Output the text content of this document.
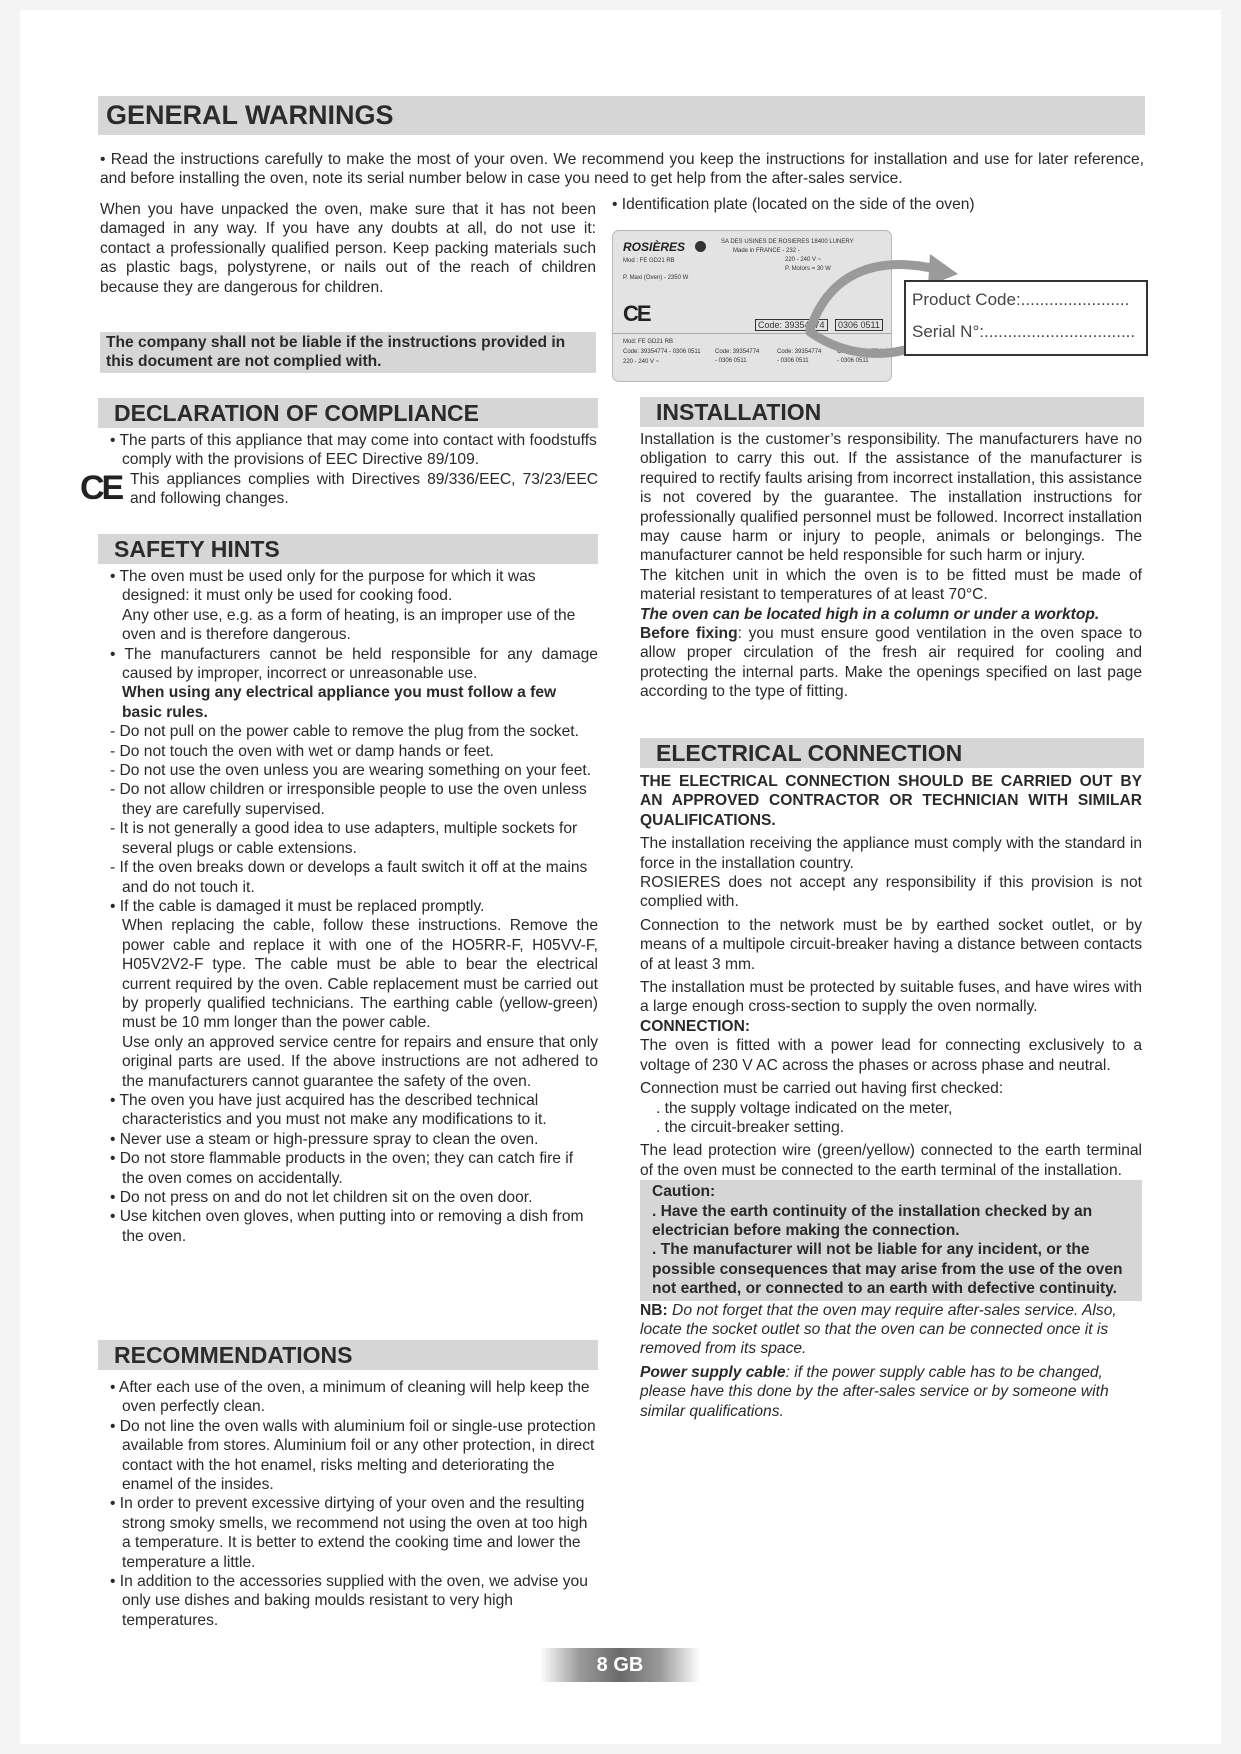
GENERAL WARNINGS
• Read the instructions carefully to make the most of your oven. We recommend you keep the instructions for installation and use for later reference, and before installing the oven, note its serial number below in case you need to get help from the after-sales service.
When you have unpacked the oven, make sure that it has not been damaged in any way. If you have any doubts at all, do not use it: contact a professionally qualified person. Keep packing materials such as plastic bags, polystyrene, or nails out of the reach of children because they are dangerous for children.
The company shall not be liable if the instructions provided in this document are not complied with.
• Identification plate (located on the side of the oven)
ROSIÈRES	SA DES USINES DE ROSIERES 18400 LUNERY
Made in FRANCE - 232 -
Mod : FE GD21 RB	220 - 240 V ~
P. Motors = 30 W
P. Maxi (Oven) - 2350 W
CE	Code: 39354774	0306 0511
Mod: FE GD21 RB
Code: 39354774 - 0306 0511
220 - 240 V ~
Code: 39354774
- 0306 0511
Code: 39354774
- 0306 0511
Code: 39354774
- 0306 0511
Product Code:.......................
Serial N°:................................
DECLARATION OF COMPLIANCE

• The parts of this appliance that may come into contact with foodstuffs comply with the provisions of EEC Directive 89/109.

This appliances complies with Directives 89/336/EEC, 73/23/EEC and following changes.

CE
SAFETY HINTS

• The oven must be used only for the purpose for which it was designed: it must only be used for cooking food.

Any other use, e.g. as a form of heating, is an improper use of the oven and is therefore dangerous.

• The manufacturers cannot be held responsible for any damage caused by improper, incorrect or unreasonable use.

When using any electrical appliance you must follow a few basic rules.

- Do not pull on the power cable to remove the plug from the socket.

- Do not touch the oven with wet or damp hands or feet.

- Do not use the oven unless you are wearing something on your feet.

- Do not allow children or irresponsible people to use the oven unless they are carefully supervised.

- It is not generally a good idea to use adapters, multiple sockets for several plugs or cable extensions.

- If the oven breaks down or develops a fault switch it off at the mains and do not touch it.

• If the cable is damaged it must be replaced promptly.

When replacing the cable, follow these instructions. Remove the power cable and replace it with one of the HO5RR-F, H05VV-F, H05V2V2-F type. The cable must be able to bear the electrical current required by the oven. Cable replacement must be carried out by properly qualified technicians. The earthing cable (yellow-green) must be 10 mm longer than the power cable.

Use only an approved service centre for repairs and ensure that only original parts are used. If the above instructions are not adhered to the manufacturers cannot guarantee the safety of the oven.

• The oven you have just acquired has the described technical characteristics and you must not make any modifications to it.

• Never use a steam or high-pressure spray to clean the oven.

• Do not store flammable products in the oven; they can catch fire if the oven comes on accidentally.

• Do not press on and do not let children sit on the oven door.

• Use kitchen oven gloves, when putting into or removing a dish from the oven.

RECOMMENDATIONS

• After each use of the oven, a minimum of cleaning will help keep the oven perfectly clean.

• Do not line the oven walls with aluminium foil or single-use protection available from stores. Aluminium foil or any other protection, in direct contact with the hot enamel, risks melting and deteriorating the enamel of the insides.

• In order to prevent excessive dirtying of your oven and the resulting strong smoky smells, we recommend not using the oven at too high a temperature. It is better to extend the cooking time and lower the temperature a little.

• In addition to the accessories supplied with the oven, we advise you only use dishes and baking moulds resistant to very high temperatures.

INSTALLATION

Installation is the customer’s responsibility. The manufacturers have no obligation to carry this out. If the assistance of the manufacturer is required to rectify faults arising from incorrect installation, this assistance is not covered by the guarantee. The installation instructions for professionally qualified personnel must be followed. Incorrect installation may cause harm or injury to people, animals or belongings. The manufacturer cannot be held responsible for such harm or injury.

The kitchen unit in which the oven is to be fitted must be made of material resistant to temperatures of at least 70°C.

The oven can be located high in a column or under a worktop.

Before fixing: you must ensure good ventilation in the oven space to allow proper circulation of the fresh air required for cooling and protecting the internal parts. Make the openings specified on last page according to the type of fitting.

ELECTRICAL CONNECTION

THE ELECTRICAL CONNECTION SHOULD BE CARRIED OUT BY AN APPROVED CONTRACTOR OR TECHNICIAN WITH SIMILAR QUALIFICATIONS.

The installation receiving the appliance must comply with the standard in force in the installation country.

ROSIERES does not accept any responsibility if this provision is not complied with.

Connection to the network must be by earthed socket outlet, or by means of a multipole circuit-breaker having a distance between contacts of at least 3 mm.

The installation must be protected by suitable fuses, and have wires with a large enough cross-section to supply the oven normally.

CONNECTION:

The oven is fitted with a power lead for connecting exclusively to a voltage of 230 V AC across the phases or across phase and neutral.

Connection must be carried out having first checked:

. the supply voltage indicated on the meter,

. the circuit-breaker setting.

The lead protection wire (green/yellow) connected to the earth terminal of the oven must be connected to the earth terminal of the installation.

Caution:

. Have the earth continuity of the installation checked by an electrician before making the connection.

. The manufacturer will not be liable for any incident, or the possible consequences that may arise from the use of the oven not earthed, or connected to an earth with defective continuity.

NB: Do not forget that the oven may require after-sales service. Also, locate the socket outlet so that the oven can be connected once it is removed from its space.

Power supply cable: if the power supply cable has to be changed, please have this done by the after-sales service or by someone with similar qualifications.

8 GB
